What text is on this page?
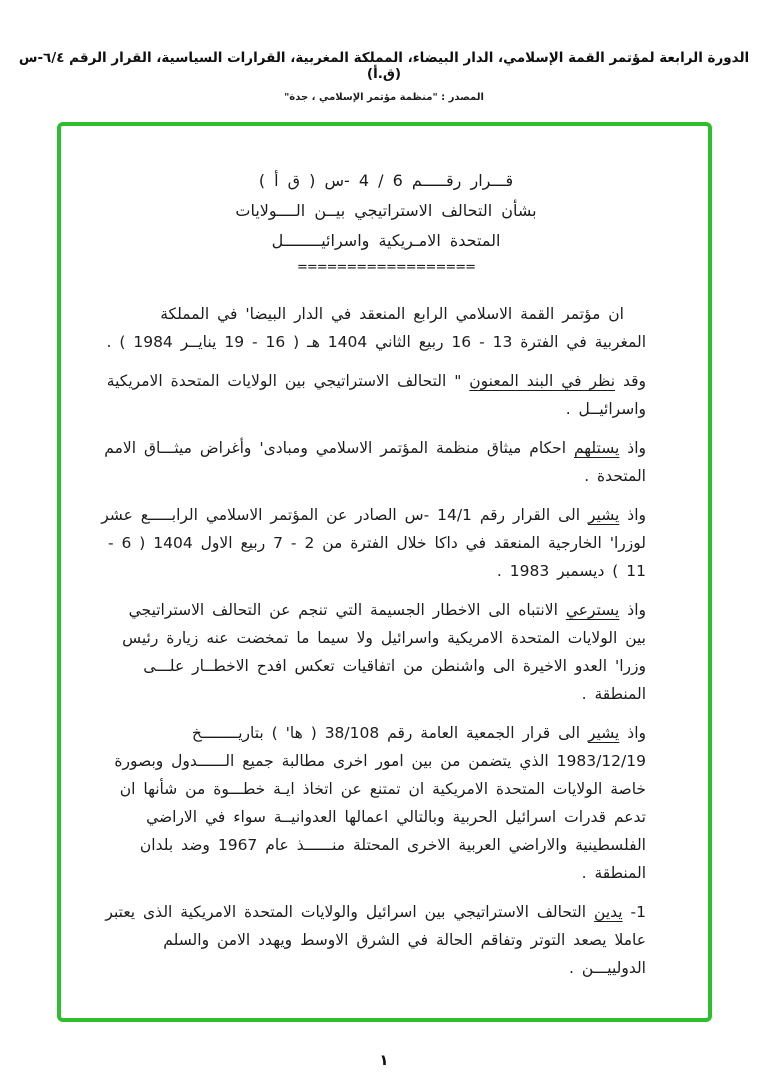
الدورة الرابعة لمؤتمر القمة الإسلامي، الدار البيضاء، المملكة المغربية، القرارات السياسية، القرار الرقم ٦/٤-س (ق.أ)
المصدر : "منظمة مؤتمر الإسلامي ، جدة"
قـــرار رقـــــم 6 / 4 -س ( ق أ )
بشأن التحالف الاستراتيجي بيــن الــــولايات
المتحدة الامـريكية واسرائيــــــــل
==================

ان مؤتمر القمة الاسلامي الرابع المنعقد في الدار البيضا' في المملكة المغربية في الفترة 13 - 16 ربيع الثاني 1404 هـ ( 16 - 19 ينايــر 1984 ) .

وقد نظر في البند المعنون " التحالف الاستراتيجي بين الولايات المتحدة الامريكية واسرائيــل .

واذ يستلهم احكام ميثاق منظمة المؤتمر الاسلامي ومبادى' وأغراض ميثـــاق الامم المتحدة .

واذ يشير الى القرار رقم 14/1 -س الصادر عن المؤتمر الاسلامي الرابـــــع عشر لوزرا' الخارجية المنعقد في داكا خلال الفترة من 2 - 7 ربيع الاول 1404 ( 6 - 11 ) ديسمبر 1983 .

واذ يسترعي الانتباه الى الاخطار الجسيمة التي تنجم عن التحالف الاستراتيجي بين الولايات المتحدة الامريكية واسرائيل ولا سيما ما تمخضت عنه زيارة رئيس وزرا' العدو الاخيرة الى واشنطن من اتفاقيات تعكس افدح الاخطــار علـــى المنطقة .

واذ يشير الى قرار الجمعية العامة رقم 38/108 ( ها' ) بتاريــــــــخ 1983/12/19 الذي يتضمن من بين امور اخرى مطالبة جميع الــــــدول وبصورة خاصة الولايات المتحدة الامريكية ان تمتنع عن اتخاذ ايـة خطـــوة من شأنها ان تدعم قدرات اسرائيل الحربية وبالتالي اعمالها العدوانيــة سواء في الاراضي الفلسطينية والاراضي العربية الاخرى المحتلة منــــــذ عام 1967 وضد بلدان المنطقة .

1- يدين التحالف الاستراتيجي بين اسرائيل والولايات المتحدة الامريكية الذى يعتبر عاملا يصعد التوتر وتفاقم الحالة في الشرق الاوسط ويهدد الامن والسلم الدولييـــن .

١
